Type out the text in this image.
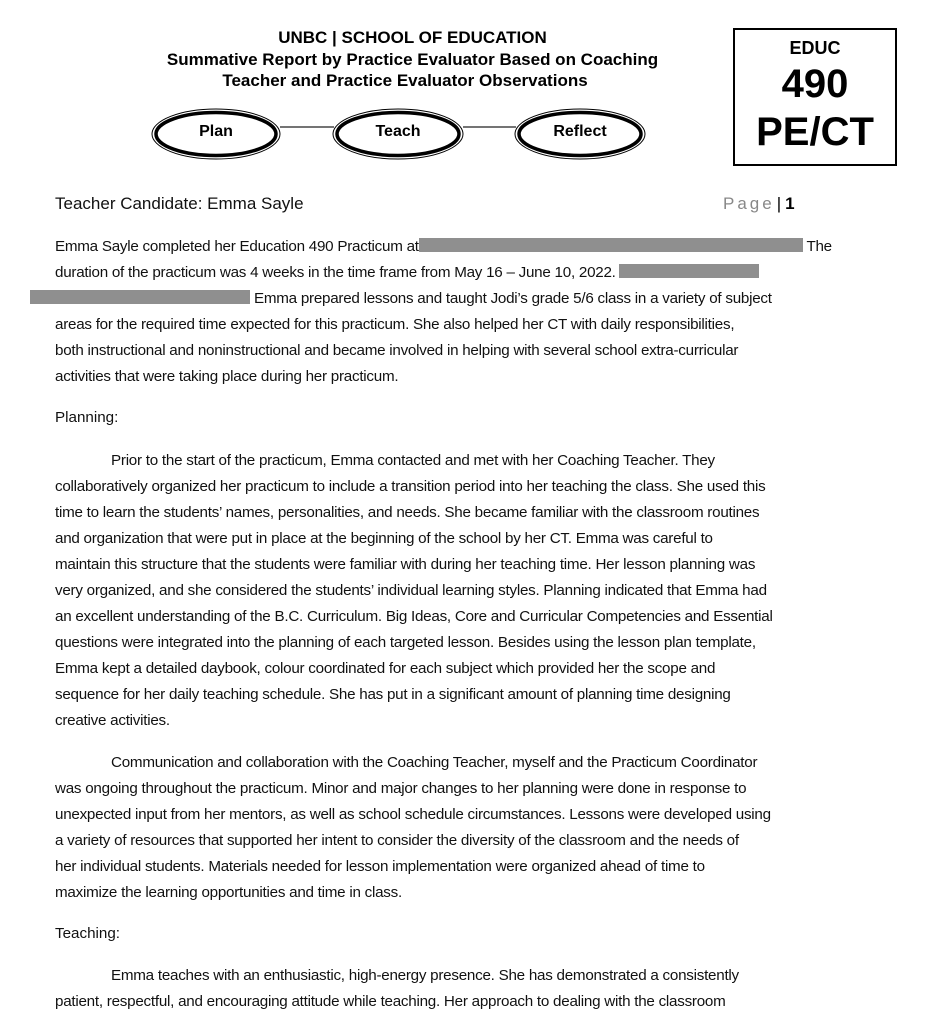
UNBC | SCHOOL OF EDUCATION
Summative Report by Practice Evaluator Based on Coaching
Teacher and Practice Evaluator Observations
EDUC
490
PE/CT
Plan	Teach	Reflect
Teacher Candidate: Emma Sayle	Page | 1
Emma Sayle completed her Education 490 Practicum at	The
duration of the practicum was 4 weeks in the time frame from May 16 – June 10, 2022.
Emma prepared lessons and taught Jodi’s grade 5/6 class in a variety of subject
areas for the required time expected for this practicum. She also helped her CT with daily responsibilities,
both instructional and noninstructional and became involved in helping with several school extra-curricular
activities that were taking place during her practicum.
Planning:
Prior to the start of the practicum, Emma contacted and met with her Coaching Teacher. They
collaboratively organized her practicum to include a transition period into her teaching the class. She used this
time to learn the students’ names, personalities, and needs. She became familiar with the classroom routines
and organization that were put in place at the beginning of the school by her CT. Emma was careful to
maintain this structure that the students were familiar with during her teaching time. Her lesson planning was
very organized, and she considered the students’ individual learning styles. Planning indicated that Emma had
an excellent understanding of the B.C. Curriculum. Big Ideas, Core and Curricular Competencies and Essential
questions were integrated into the planning of each targeted lesson. Besides using the lesson plan template,
Emma kept a detailed daybook, colour coordinated for each subject which provided her the scope and
sequence for her daily teaching schedule. She has put in a significant amount of planning time designing
creative activities.
Communication and collaboration with the Coaching Teacher, myself and the Practicum Coordinator
was ongoing throughout the practicum. Minor and major changes to her planning were done in response to
unexpected input from her mentors, as well as school schedule circumstances. Lessons were developed using
a variety of resources that supported her intent to consider the diversity of the classroom and the needs of
her individual students. Materials needed for lesson implementation were organized ahead of time to
maximize the learning opportunities and time in class.
Teaching:
Emma teaches with an enthusiastic, high-energy presence. She has demonstrated a consistently
patient, respectful, and encouraging attitude while teaching. Her approach to dealing with the classroom
